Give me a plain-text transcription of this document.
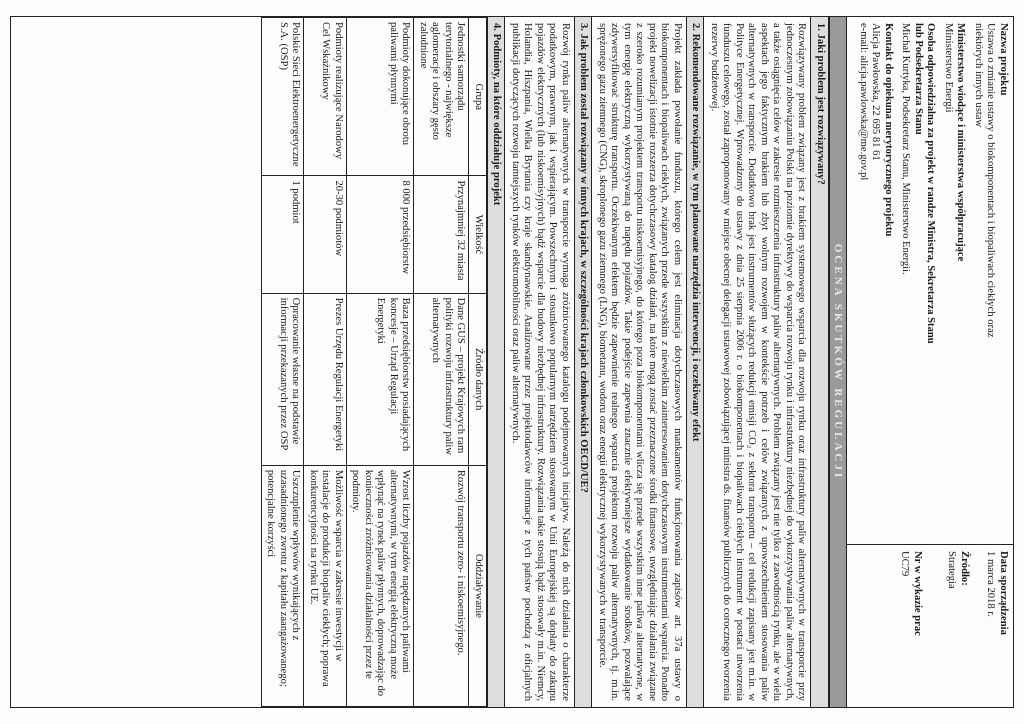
Nazwa projektu
Ustawa o zmianie ustawy o biokomponentach i biopaliwach ciekłych oraz
niektórych innych ustaw
Ministerstwo wiodące i ministerstwa współpracujące
Ministerstwo Energii
Osoba odpowiedzialna za projekt w randze Ministra, Sekretarza Stanu
lub Podsekretarza Stanu
Michał Kurtyka, Podsekretarz Stanu, Ministerstwo Energii.
Kontakt do opiekuna merytorycznego projektu
Alicja Pawłowska, 22 695 81 61
e-mail: alicja.pawlowska@me.gov.pl
Data sporządzenia
1 marca 2018 r.
Źródło:
Strategia
Nr w wykazie prac
UC79
OCENA SKUTKÓW REGULACJI
1. Jaki problem jest rozwiązywany?
Rozwiązywany problem związany jest z brakiem systemowego wsparcia dla rozwoju rynku oraz infrastruktury paliw alternatywnych w transporcie przy jednoczesnym zobowiązaniu Polski na poziomie dyrektywy do wsparcia rozwoju rynku i infrastruktury niezbędnej do wykorzystywania paliw alternatywnych, a także osiągnięcia celów w zakresie rozmieszczenia infrastruktury paliw alternatywnych. Problem związany jest nie tylko z zawodnością rynku, ale w wielu aspektach jego faktycznym brakiem lub zbyt wolnym rozwojem w kontekście potrzeb i celów związanych z upowszechnieniem stosowania paliw alternatywnych w transporcie. Dodatkowo brak jest instrumentów służących redukcji emisji CO₂ z sektora transportu – cel redukcji zapisany jest m.in. w Polityce Energetycznej. Wprowadzony do ustawy z dnia 25 sierpnia 2006 r. o biokomponentach i biopaliwach ciekłych instrument w postaci utworzenia funduszu celowego, został zaproponowany w miejsce obecnej delegacji ustawowej zobowiązującej ministra ds. finansów publicznych do corocznego tworzenia rezerwy budżetowej.
2. Rekomendowane rozwiązanie, w tym planowane narzędzia interwencji, i oczekiwany efekt
Projekt zakłada powołanie funduszu, którego celem jest eliminacja dotychczasowych mankamentów funkcjonowania zapisów art. 37a ustawy o biokomponentach i biopaliwach ciekłych, związanych przede wszystkim z niewielkim zainteresowaniem dotychczasowym instrumentami wsparcia. Ponadto projekt nowelizacji istotnie rozszerza dotychczasowy katalog działań, na które mogą zostać przeznaczone środki finansowe, uwzględniając działania związane z szeroko rozumianym projektem transportu niskoemisyjnego, do którego poza biokomponentami wlicza się przede wszystkim inne paliwa alternatywne, w tym energię elektryczną wykorzystywaną do napędu pojazdów. Takie podejście zapewnia znacznie efektywniejsze wydatkowanie środków, pozwalające zdywersyfikować strukturę transportu. Oczekiwanym efektem będzie zapewnienie realnego wsparcia projektom rozwoju paliw alternatywnych, tj. m.in. sprężonego gazu ziemnego (CNG), skroplonego gazu ziemnego (LNG), biometanu, wodoru oraz energii elektrycznej wykorzystywanych w transporcie.
3. Jak problem został rozwiązany w innych krajach, w szczególności krajach członkowskich OECD/UE?
Rozwój rynku paliw alternatywnych w transporcie wymaga zróżnicowanego katalogu podejmowanych inicjatyw. Należą do nich działania o charakterze podatkowym, prawnym, jak i wspierającym. Powszechnym i stosunkowo popularnym narzędziem stosowanym w Unii Europejskiej są dopłaty do zakupu pojazdów elektrycznych (lub niskoemisyjnych) bądź wsparcie dla budowy niezbędnej infrastruktury. Rozwiązania takie stosują bądź stosowały m.in. Niemcy, Holandia, Hiszpania, Wielka Brytania czy kraje skandynawskie. Analizowane przez projektodawców informacje z tych państw pochodzą z oficjalnych publikacji dotyczących rozwoju tamtejszych rynków elektromobilności oraz paliw alternatywnych.
4. Podmioty, na które oddziałuje projekt
Grupa	Wielkość	Źródło danych	Oddziaływanie
Jednostki samorządu terytorialnego - największe aglomeracje i obszary gęsto zaludnione	Przynajmniej 32 miasta	Dane GUS – projekt Krajowych ram polityki rozwoju infrastruktury paliw alternatywnych	Rozwój transportu zero- i niskoemisyjnego.
Podmioty dokonujące obrotu paliwami płynnymi	8 000 przedsiębiorstw	Baza przedsiębiorstw posiadających koncesje – Urząd Regulacji Energetyki	Wzrost liczby pojazdów napędzanych paliwami alternatywnymi, w tym energią elektryczną może wpłynąć na rynek paliw płynnych, doprowadzając do konieczności zróżnicowania działalności przez te podmioty.
Podmioty realizujące Narodowy Cel Wskaźnikowy	20-30 podmiotów	Prezes Urzędu Regulacji Energetyki	Możliwość wsparcia w zakresie inwestycji w instalacje do produkcji biopaliw ciekłych; poprawa konkurencyjności na rynku UE.
Polskie Sieci Elektroenergetyczne S.A. (OSP)	1 podmiot	Opracowanie własne na podstawie informacji przekazanych przez OSP	Uszczuplenie wpływów wynikających z uzasadnionego zwrotu z kapitału zaangażowanego; potencjalne korzyści
